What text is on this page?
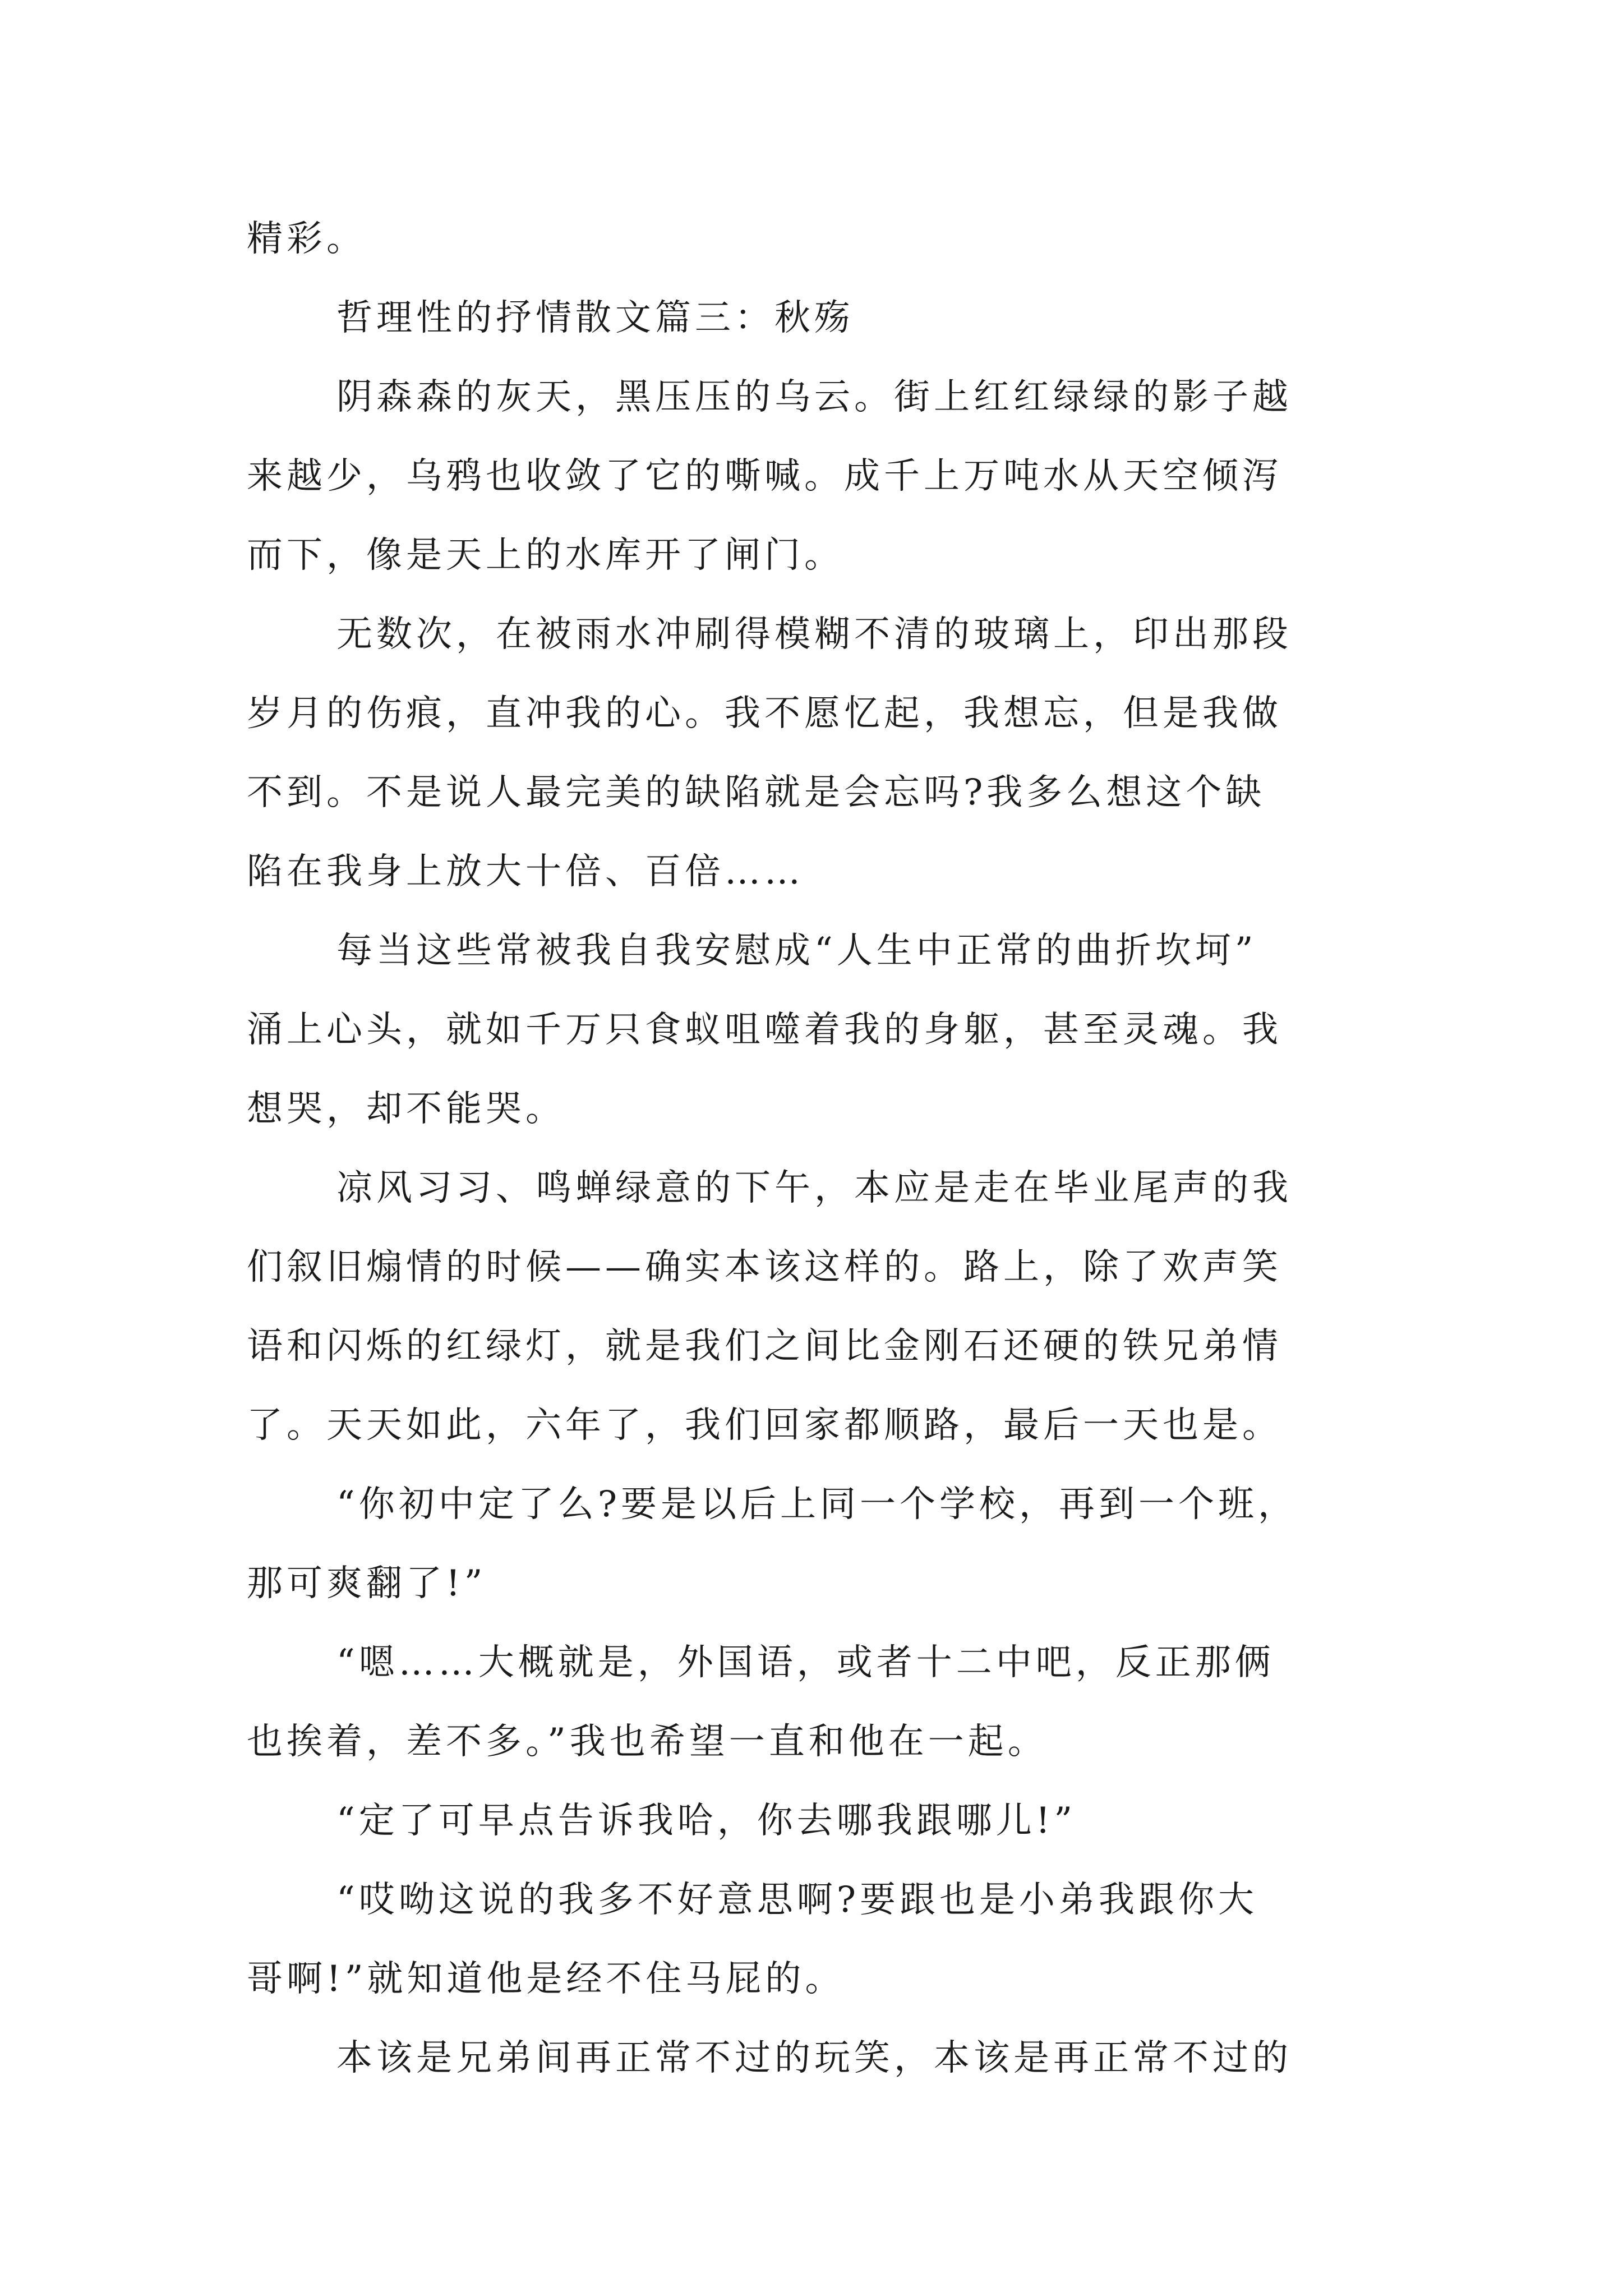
精彩。
哲理性的抒情散文篇三：秋殇
阴森森的灰天，黑压压的乌云。街上红红绿绿的影子越
来越少，乌鸦也收敛了它的嘶喊。成千上万吨水从天空倾泻
而下，像是天上的水库开了闸门。
无数次，在被雨水冲刷得模糊不清的玻璃上，印出那段
岁月的伤痕，直冲我的心。我不愿忆起，我想忘，但是我做
不到。不是说人最完美的缺陷就是会忘吗?我多么想这个缺
陷在我身上放大十倍、百倍……
每当这些常被我自我安慰成“人生中正常的曲折坎坷”
涌上心头，就如千万只食蚁咀噬着我的身躯，甚至灵魂。我
想哭，却不能哭。
凉风习习、鸣蝉绿意的下午，本应是走在毕业尾声的我
们叙旧煽情的时候——确实本该这样的。路上，除了欢声笑
语和闪烁的红绿灯，就是我们之间比金刚石还硬的铁兄弟情
了。天天如此，六年了，我们回家都顺路，最后一天也是。
“你初中定了么?要是以后上同一个学校，再到一个班，
那可爽翻了!”
“嗯……大概就是，外国语，或者十二中吧，反正那俩
也挨着，差不多。”我也希望一直和他在一起。
“定了可早点告诉我哈，你去哪我跟哪儿!”
“哎呦这说的我多不好意思啊?要跟也是小弟我跟你大
哥啊!”就知道他是经不住马屁的。
本该是兄弟间再正常不过的玩笑，本该是再正常不过的
